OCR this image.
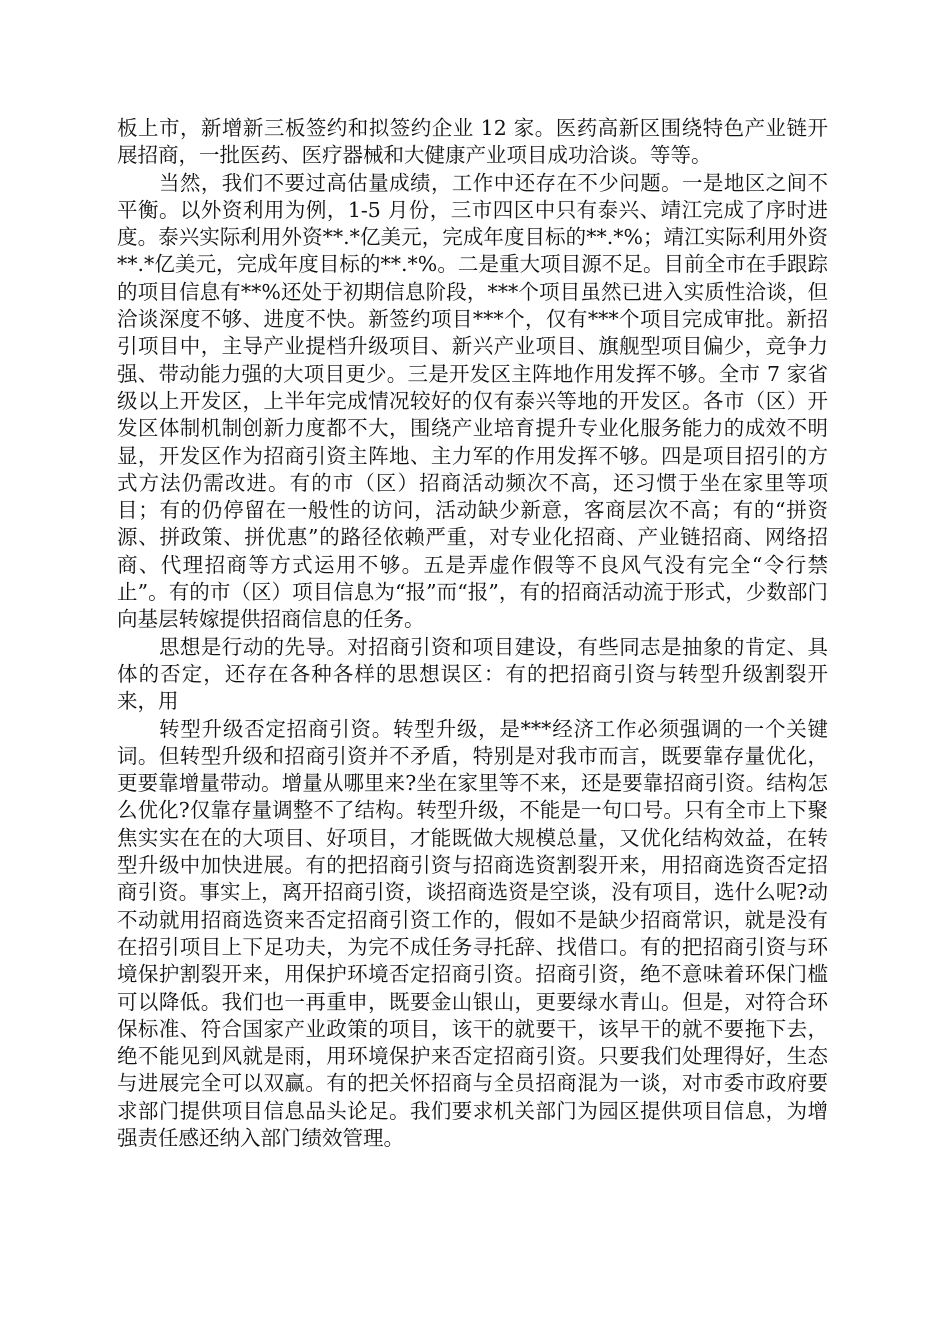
板上市，新增新三板签约和拟签约企业 12 家。医药高新区围绕特色产业链开展招商，一批医药、医疗器械和大健康产业项目成功洽谈。等等。

当然，我们不要过高估量成绩，工作中还存在不少问题。一是地区之间不平衡。以外资利用为例，1-5 月份，三市四区中只有泰兴、靖江完成了序时进度。泰兴实际利用外资**.*亿美元，完成年度目标的**.*%；靖江实际利用外资**.*亿美元，完成年度目标的**.*%。二是重大项目源不足。目前全市在手跟踪的项目信息有**%还处于初期信息阶段，***个项目虽然已进入实质性洽谈，但洽谈深度不够、进度不快。新签约项目***个，仅有***个项目完成审批。新招引项目中，主导产业提档升级项目、新兴产业项目、旗舰型项目偏少，竞争力强、带动能力强的大项目更少。三是开发区主阵地作用发挥不够。全市 7 家省级以上开发区，上半年完成情况较好的仅有泰兴等地的开发区。各市（区）开发区体制机制创新力度都不大，围绕产业培育提升专业化服务能力的成效不明显，开发区作为招商引资主阵地、主力军的作用发挥不够。四是项目招引的方式方法仍需改进。有的市（区）招商活动频次不高，还习惯于坐在家里等项目；有的仍停留在一般性的访问，活动缺少新意，客商层次不高；有的“拼资源、拼政策、拼优惠”的路径依赖严重，对专业化招商、产业链招商、网络招商、代理招商等方式运用不够。五是弄虚作假等不良风气没有完全“令行禁止”。有的市（区）项目信息为“报”而“报”，有的招商活动流于形式，少数部门向基层转嫁提供招商信息的任务。

思想是行动的先导。对招商引资和项目建设，有些同志是抽象的肯定、具体的否定，还存在各种各样的思想误区：有的把招商引资与转型升级割裂开来，用

转型升级否定招商引资。转型升级，是***经济工作必须强调的一个关键词。但转型升级和招商引资并不矛盾，特别是对我市而言，既要靠存量优化，更要靠增量带动。增量从哪里来?坐在家里等不来，还是要靠招商引资。结构怎么优化?仅靠存量调整不了结构。转型升级，不能是一句口号。只有全市上下聚焦实实在在的大项目、好项目，才能既做大规模总量，又优化结构效益，在转型升级中加快进展。有的把招商引资与招商选资割裂开来，用招商选资否定招商引资。事实上，离开招商引资，谈招商选资是空谈，没有项目，选什么呢?动不动就用招商选资来否定招商引资工作的，假如不是缺少招商常识，就是没有在招引项目上下足功夫，为完不成任务寻托辞、找借口。有的把招商引资与环境保护割裂开来，用保护环境否定招商引资。招商引资，绝不意味着环保门槛可以降低。我们也一再重申，既要金山银山，更要绿水青山。但是，对符合环保标准、符合国家产业政策的项目，该干的就要干，该早干的就不要拖下去，绝不能见到风就是雨，用环境保护来否定招商引资。只要我们处理得好，生态与进展完全可以双赢。有的把关怀招商与全员招商混为一谈，对市委市政府要求部门提供项目信息品头论足。我们要求机关部门为园区提供项目信息，为增强责任感还纳入部门绩效管理。
